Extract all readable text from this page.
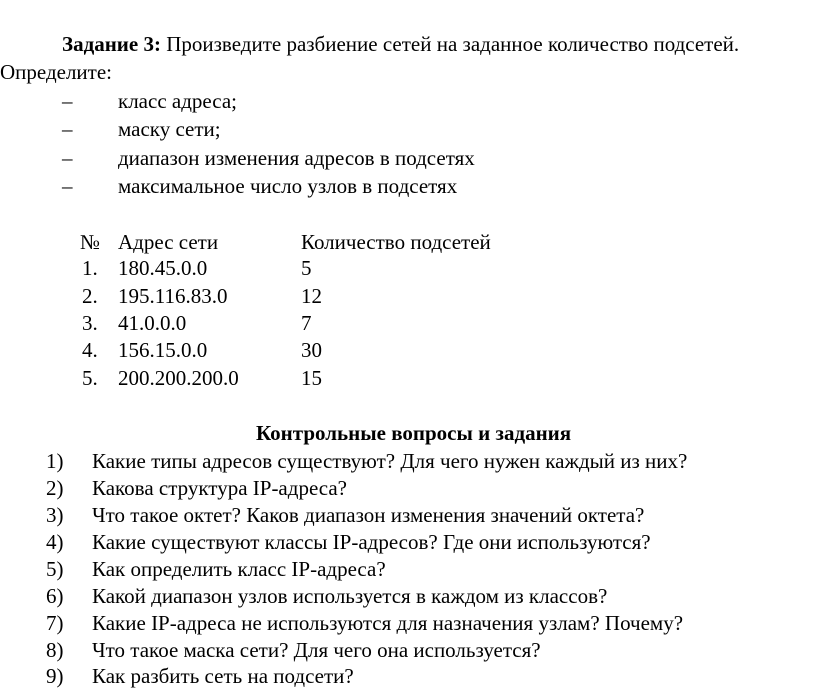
Задание 3: Произведите разбиение сетей на заданное количество подсетей.
Определите:
– класс адреса;
– маску сети;
– диапазон изменения адресов в подсетях
– максимальное число узлов в подсетях
№ Адрес сети	Количество подсетей
1. 180.45.0.0	5
2. 195.116.83.0	12
3. 41.0.0.0	7
4. 156.15.0.0	30
5. 200.200.200.0	15
Контрольные вопросы и задания
1) Какие типы адресов существуют? Для чего нужен каждый из них?
2) Какова структура IP-адреса?
3) Что такое октет? Каков диапазон изменения значений октета?
4) Какие существуют классы IP-адресов? Где они используются?
5) Как определить класс IP-адреса?
6) Какой диапазон узлов используется в каждом из классов?
7) Какие IP-адреса не используются для назначения узлам? Почему?
8) Что такое маска сети? Для чего она используется?
9) Как разбить сеть на подсети?
